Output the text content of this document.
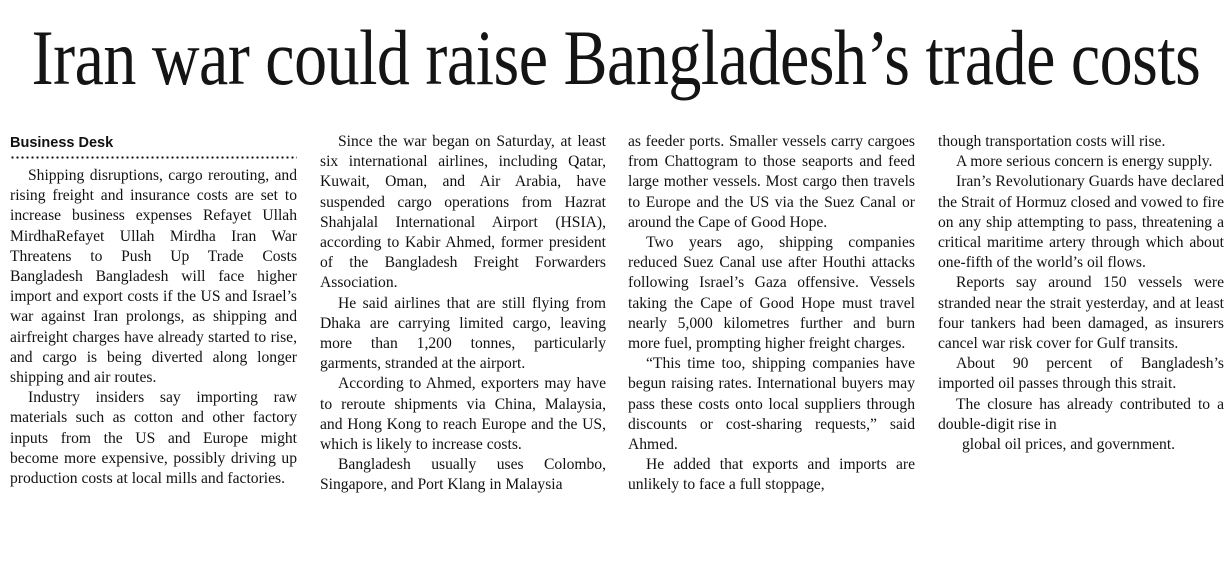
Iran war could raise Bangladesh’s trade costs
Business Desk

Shipping disruptions, cargo rerouting, and rising freight and insurance costs are set to increase business expenses Refayet Ullah MirdhaRefayet Ullah Mirdha Iran War Threatens to Push Up Trade Costs Bangladesh Bangladesh will face higher import and export costs if the US and Israel’s war against Iran prolongs, as shipping and airfreight charges have already started to rise, and cargo is being diverted along longer shipping and air routes.

Industry insiders say importing raw materials such as cotton and other factory inputs from the US and Europe might become more expensive, possibly driving up production costs at local mills and factories.

Since the war began on Saturday, at least six international airlines, including Qatar, Kuwait, Oman, and Air Arabia, have suspended cargo operations from Hazrat Shahjalal International Airport (HSIA), according to Kabir Ahmed, former president of the Bangladesh Freight Forwarders Association.

He said airlines that are still flying from Dhaka are carrying limited cargo, leaving more than 1,200 tonnes, particularly garments, stranded at the airport.

According to Ahmed, exporters may have to reroute shipments via China, Malaysia, and Hong Kong to reach Europe and the US, which is likely to increase costs.

Bangladesh usually uses Colombo, Singapore, and Port Klang in Malaysia

as feeder ports. Smaller vessels carry cargoes from Chattogram to those seaports and feed large mother vessels. Most cargo then travels to Europe and the US via the Suez Canal or around the Cape of Good Hope.

Two years ago, shipping companies reduced Suez Canal use after Houthi attacks following Israel’s Gaza offensive. Vessels taking the Cape of Good Hope must travel nearly 5,000 kilometres further and burn more fuel, prompting higher freight charges.

“This time too, shipping companies have begun raising rates. International buyers may pass these costs onto local suppliers through discounts or cost-sharing requests,” said Ahmed.

He added that exports and imports are unlikely to face a full stoppage,

though transportation costs will rise.

A more serious concern is energy supply.

Iran’s Revolutionary Guards have declared the Strait of Hormuz closed and vowed to fire on any ship attempting to pass, threatening a critical maritime artery through which about one-fifth of the world’s oil flows.

Reports say around 150 vessels were stranded near the strait yesterday, and at least four tankers had been damaged, as insurers cancel war risk cover for Gulf transits.

About 90 percent of Bangladesh’s imported oil passes through this strait.

The closure has already contributed to a double-digit rise in

global oil prices, and government.
